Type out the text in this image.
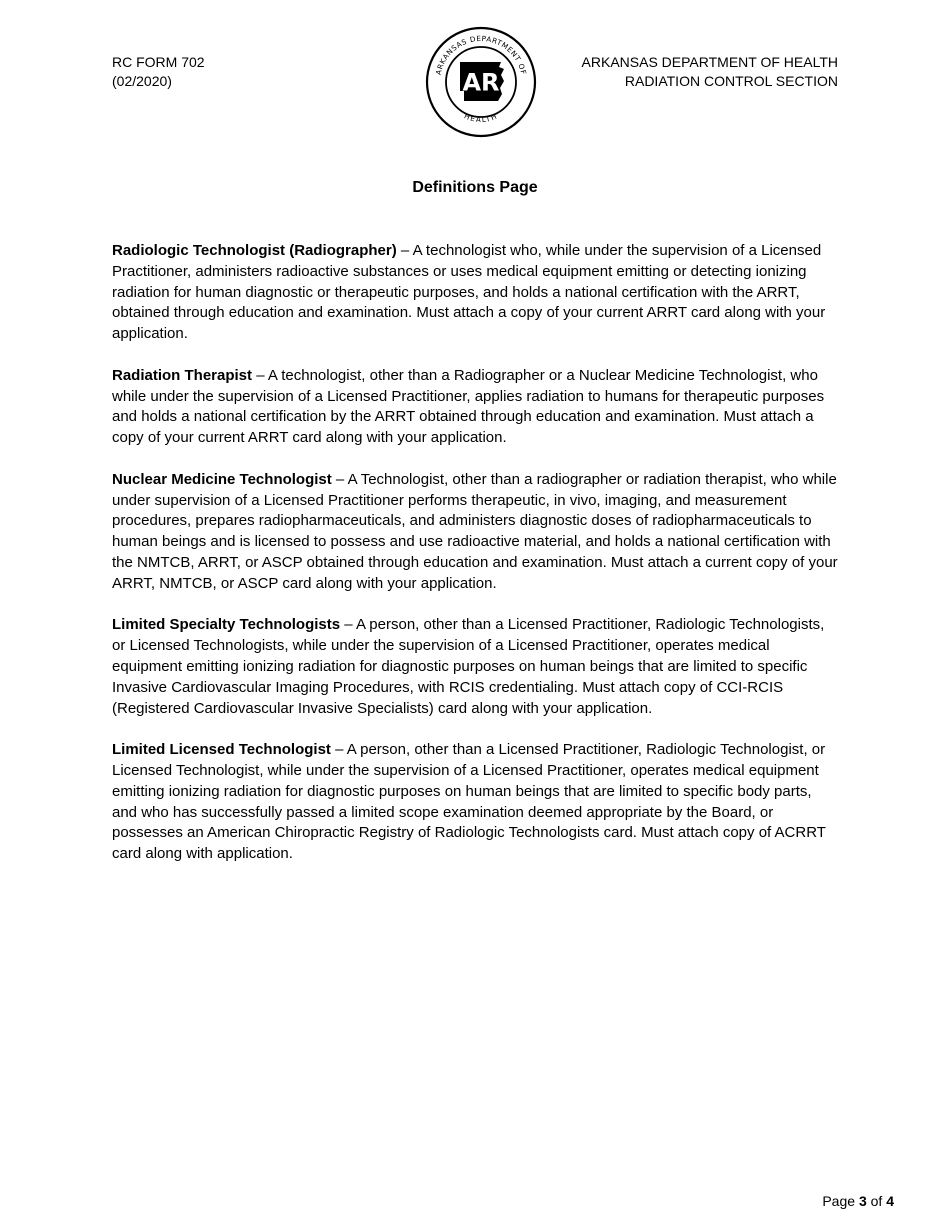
RC FORM 702
(02/2020)
ARKANSAS DEPARTMENT OF
HEALTH
AR
ARKANSAS DEPARTMENT OF HEALTH
RADIATION CONTROL SECTION
Definitions Page

Radiologic Technologist (Radiographer) – A technologist who, while under the supervision of a Licensed Practitioner, administers radioactive substances or uses medical equipment emitting or detecting ionizing radiation for human diagnostic or therapeutic purposes, and holds a national certification with the ARRT, obtained through education and examination. Must attach a copy of your current ARRT card along with your application.

Radiation Therapist – A technologist, other than a Radiographer or a Nuclear Medicine Technologist, who while under the supervision of a Licensed Practitioner, applies radiation to humans for therapeutic purposes and holds a national certification by the ARRT obtained through education and examination. Must attach a copy of your current ARRT card along with your application.

Nuclear Medicine Technologist – A Technologist, other than a radiographer or radiation therapist, who while under supervision of a Licensed Practitioner performs therapeutic, in vivo, imaging, and measurement procedures, prepares radiopharmaceuticals, and administers diagnostic doses of radiopharmaceuticals to human beings and is licensed to possess and use radioactive material, and holds a national certification with the NMTCB, ARRT, or ASCP obtained through education and examination. Must attach a current copy of your ARRT, NMTCB, or ASCP card along with your application.

Limited Specialty Technologists – A person, other than a Licensed Practitioner, Radiologic Technologists, or Licensed Technologists, while under the supervision of a Licensed Practitioner, operates medical equipment emitting ionizing radiation for diagnostic purposes on human beings that are limited to specific Invasive Cardiovascular Imaging Procedures, with RCIS credentialing. Must attach copy of CCI-RCIS (Registered Cardiovascular Invasive Specialists) card along with your application.

Limited Licensed Technologist – A person, other than a Licensed Practitioner, Radiologic Technologist, or Licensed Technologist, while under the supervision of a Licensed Practitioner, operates medical equipment emitting ionizing radiation for diagnostic purposes on human beings that are limited to specific body parts, and who has successfully passed a limited scope examination deemed appropriate by the Board, or possesses an American Chiropractic Registry of Radiologic Technologists card. Must attach copy of ACRRT card along with application.

Page 3 of 4
